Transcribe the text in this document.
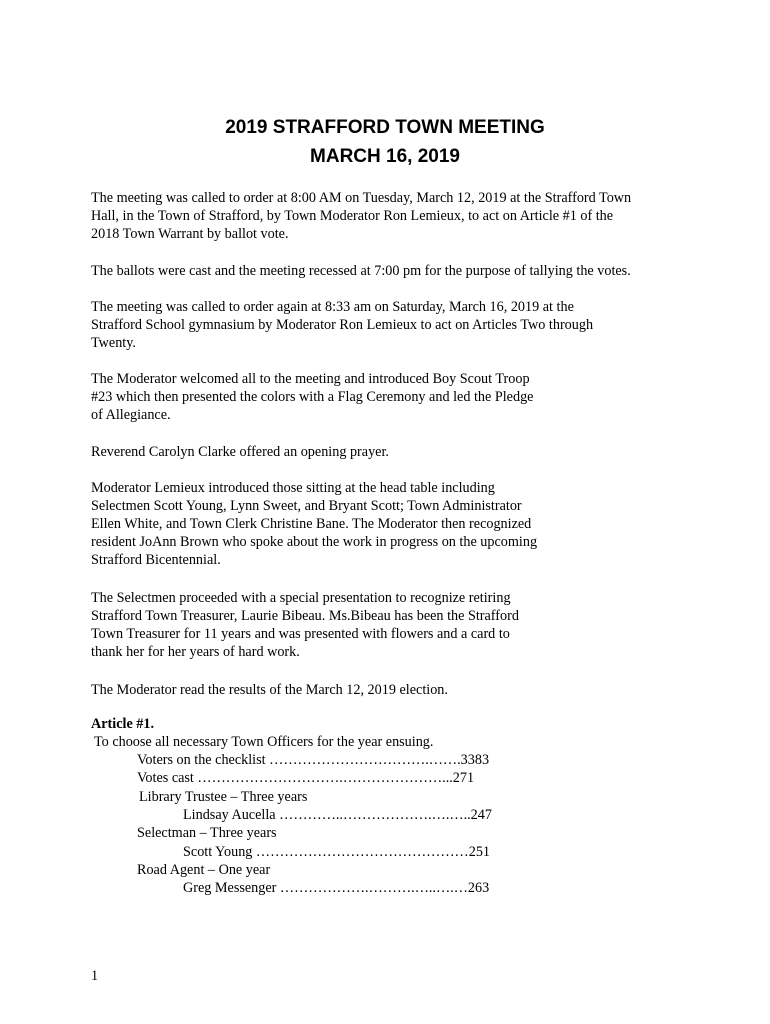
2019 STRAFFORD TOWN MEETING
MARCH 16, 2019
The meeting was called to order at 8:00 AM on Tuesday, March 12, 2019 at the Strafford Town
Hall, in the Town of Strafford, by Town Moderator Ron Lemieux, to act on Article #1 of the
2018 Town Warrant by ballot vote.
The ballots were cast and the meeting recessed at 7:00 pm for the purpose of tallying the votes.
The meeting was called to order again at 8:33 am on Saturday, March 16, 2019 at the
Strafford School gymnasium by Moderator Ron Lemieux to act on Articles Two through
Twenty.
The Moderator welcomed all to the meeting and introduced Boy Scout Troop
#23 which then presented the colors with a Flag Ceremony and led the Pledge
of Allegiance.
Reverend Carolyn Clarke offered an opening prayer.
Moderator Lemieux introduced those sitting at the head table including
Selectmen Scott Young, Lynn Sweet, and Bryant Scott; Town Administrator
Ellen White, and Town Clerk Christine Bane. The Moderator then recognized
resident JoAnn Brown who spoke about the work in progress on the upcoming
Strafford Bicentennial.
The Selectmen proceeded with a special presentation to recognize retiring
Strafford Town Treasurer, Laurie Bibeau. Ms.Bibeau has been the Strafford
Town Treasurer for 11 years and was presented with flowers and a card to
thank her for her years of hard work.
The Moderator read the results of the March 12, 2019 election.
Article #1.
To choose all necessary Town Officers for the year ensuing.
Voters on the checklist …………………………….…….3383
Votes cast ………………………….…………………...271
Library Trustee – Three years
Lindsay Aucella …………..……………….….…..247
Selectman – Three years
Scott Young ………………………………………251
Road Agent – One year
Greg Messenger ……………….……….…..….…263
1
